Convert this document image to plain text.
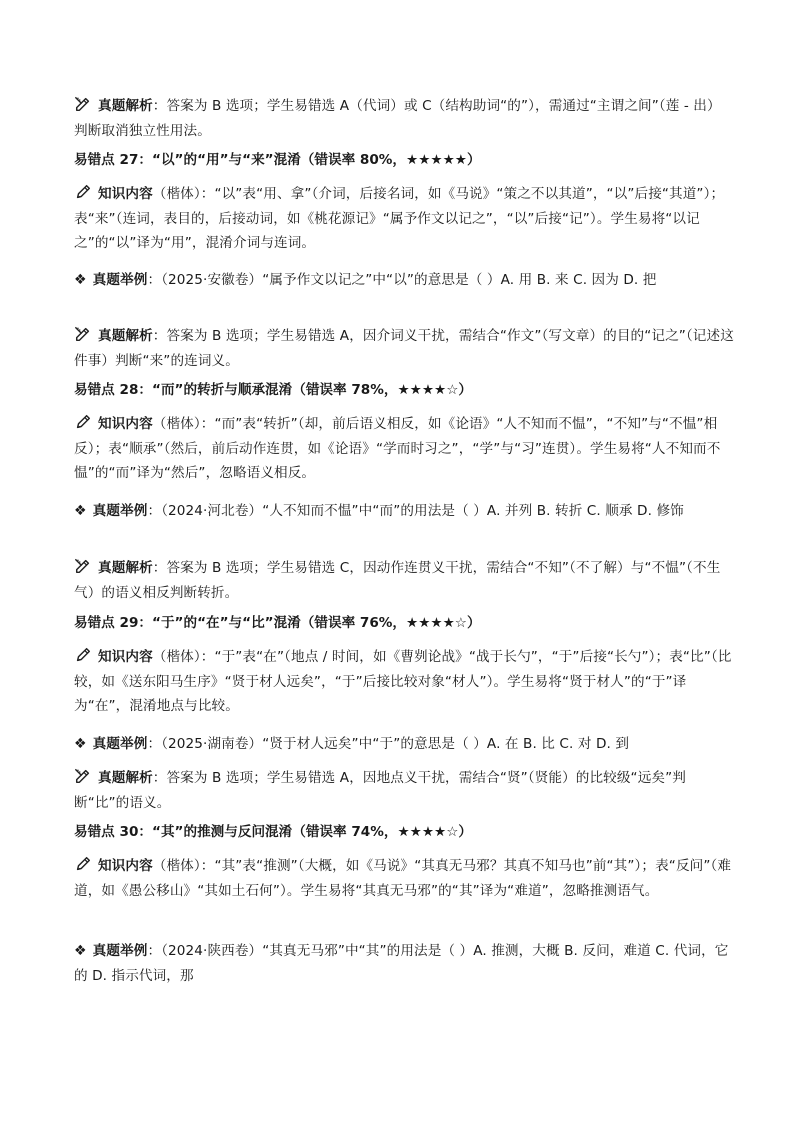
真题解析：答案为 B 选项；学生易错选 A（代词）或 C（结构助词“的”），需通过“主谓之间”（莲 - 出）判断取消独立性用法。

易错点 27：“以”的“用”与“来”混淆（错误率 80%，★★★★★）

知识内容（楷体）：“以”表“用、拿”（介词，后接名词，如《马说》“策之不以其道”，“以”后接“其道”）；表“来”（连词，表目的，后接动词，如《桃花源记》“属予作文以记之”，“以”后接“记”）。学生易将“以记之”的“以”译为“用”，混淆介词与连词。

❖ 真题举例：（2025·安徽卷）“属予作文以记之”中“以”的意思是（ ）A. 用 B. 来 C. 因为 D. 把

真题解析：答案为 B 选项；学生易错选 A，因介词义干扰，需结合“作文”（写文章）的目的“记之”（记述这件事）判断“来”的连词义。

易错点 28：“而”的转折与顺承混淆（错误率 78%，★★★★☆）

知识内容（楷体）：“而”表“转折”（却，前后语义相反，如《论语》“人不知而不愠”，“不知”与“不愠”相反）；表“顺承”（然后，前后动作连贯，如《论语》“学而时习之”，“学”与“习”连贯）。学生易将“人不知而不愠”的“而”译为“然后”，忽略语义相反。

❖ 真题举例：（2024·河北卷）“人不知而不愠”中“而”的用法是（ ）A. 并列 B. 转折 C. 顺承 D. 修饰

真题解析：答案为 B 选项；学生易错选 C，因动作连贯义干扰，需结合“不知”（不了解）与“不愠”（不生气）的语义相反判断转折。

易错点 29：“于”的“在”与“比”混淆（错误率 76%，★★★★☆）

知识内容（楷体）：“于”表“在”（地点 / 时间，如《曹刿论战》“战于长勺”，“于”后接“长勺”）；表“比”（比较，如《送东阳马生序》“贤于材人远矣”，“于”后接比较对象“材人”）。学生易将“贤于材人”的“于”译为“在”，混淆地点与比较。

❖ 真题举例：（2025·湖南卷）“贤于材人远矣”中“于”的意思是（ ）A. 在 B. 比 C. 对 D. 到

真题解析：答案为 B 选项；学生易错选 A，因地点义干扰，需结合“贤”（贤能）的比较级“远矣”判断“比”的语义。

易错点 30：“其”的推测与反问混淆（错误率 74%，★★★★☆）

知识内容（楷体）：“其”表“推测”（大概，如《马说》“其真无马邪？其真不知马也”前“其”）；表“反问”（难道，如《愚公移山》“其如土石何”）。学生易将“其真无马邪”的“其”译为“难道”，忽略推测语气。

❖ 真题举例：（2024·陕西卷）“其真无马邪”中“其”的用法是（ ）A. 推测，大概 B. 反问，难道 C. 代词，它的 D. 指示代词，那
